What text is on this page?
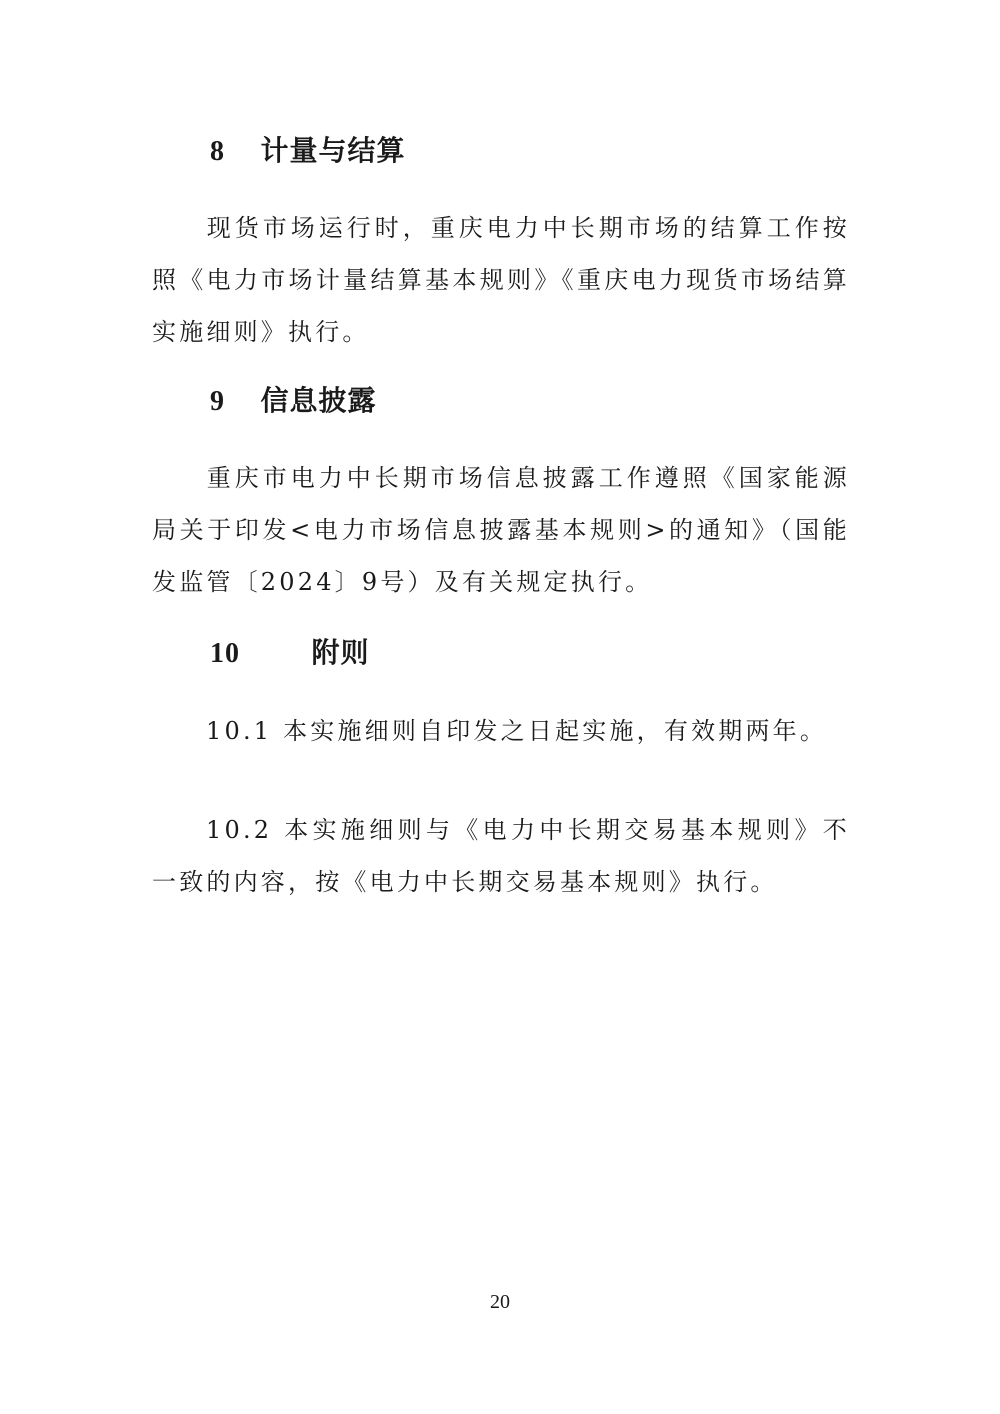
8 计量与结算
现货市场运行时，重庆电力中长期市场的结算工作按照《电力市场计量结算基本规则》《重庆电力现货市场结算实施细则》执行。
9 信息披露
重庆市电力中长期市场信息披露工作遵照《国家能源局关于印发<电力市场信息披露基本规则>的通知》（国能发监管〔2024〕9号）及有关规定执行。
10	附则
10.1 本实施细则自印发之日起实施，有效期两年。
10.2 本实施细则与《电力中长期交易基本规则》不一致的内容，按《电力中长期交易基本规则》执行。
20
